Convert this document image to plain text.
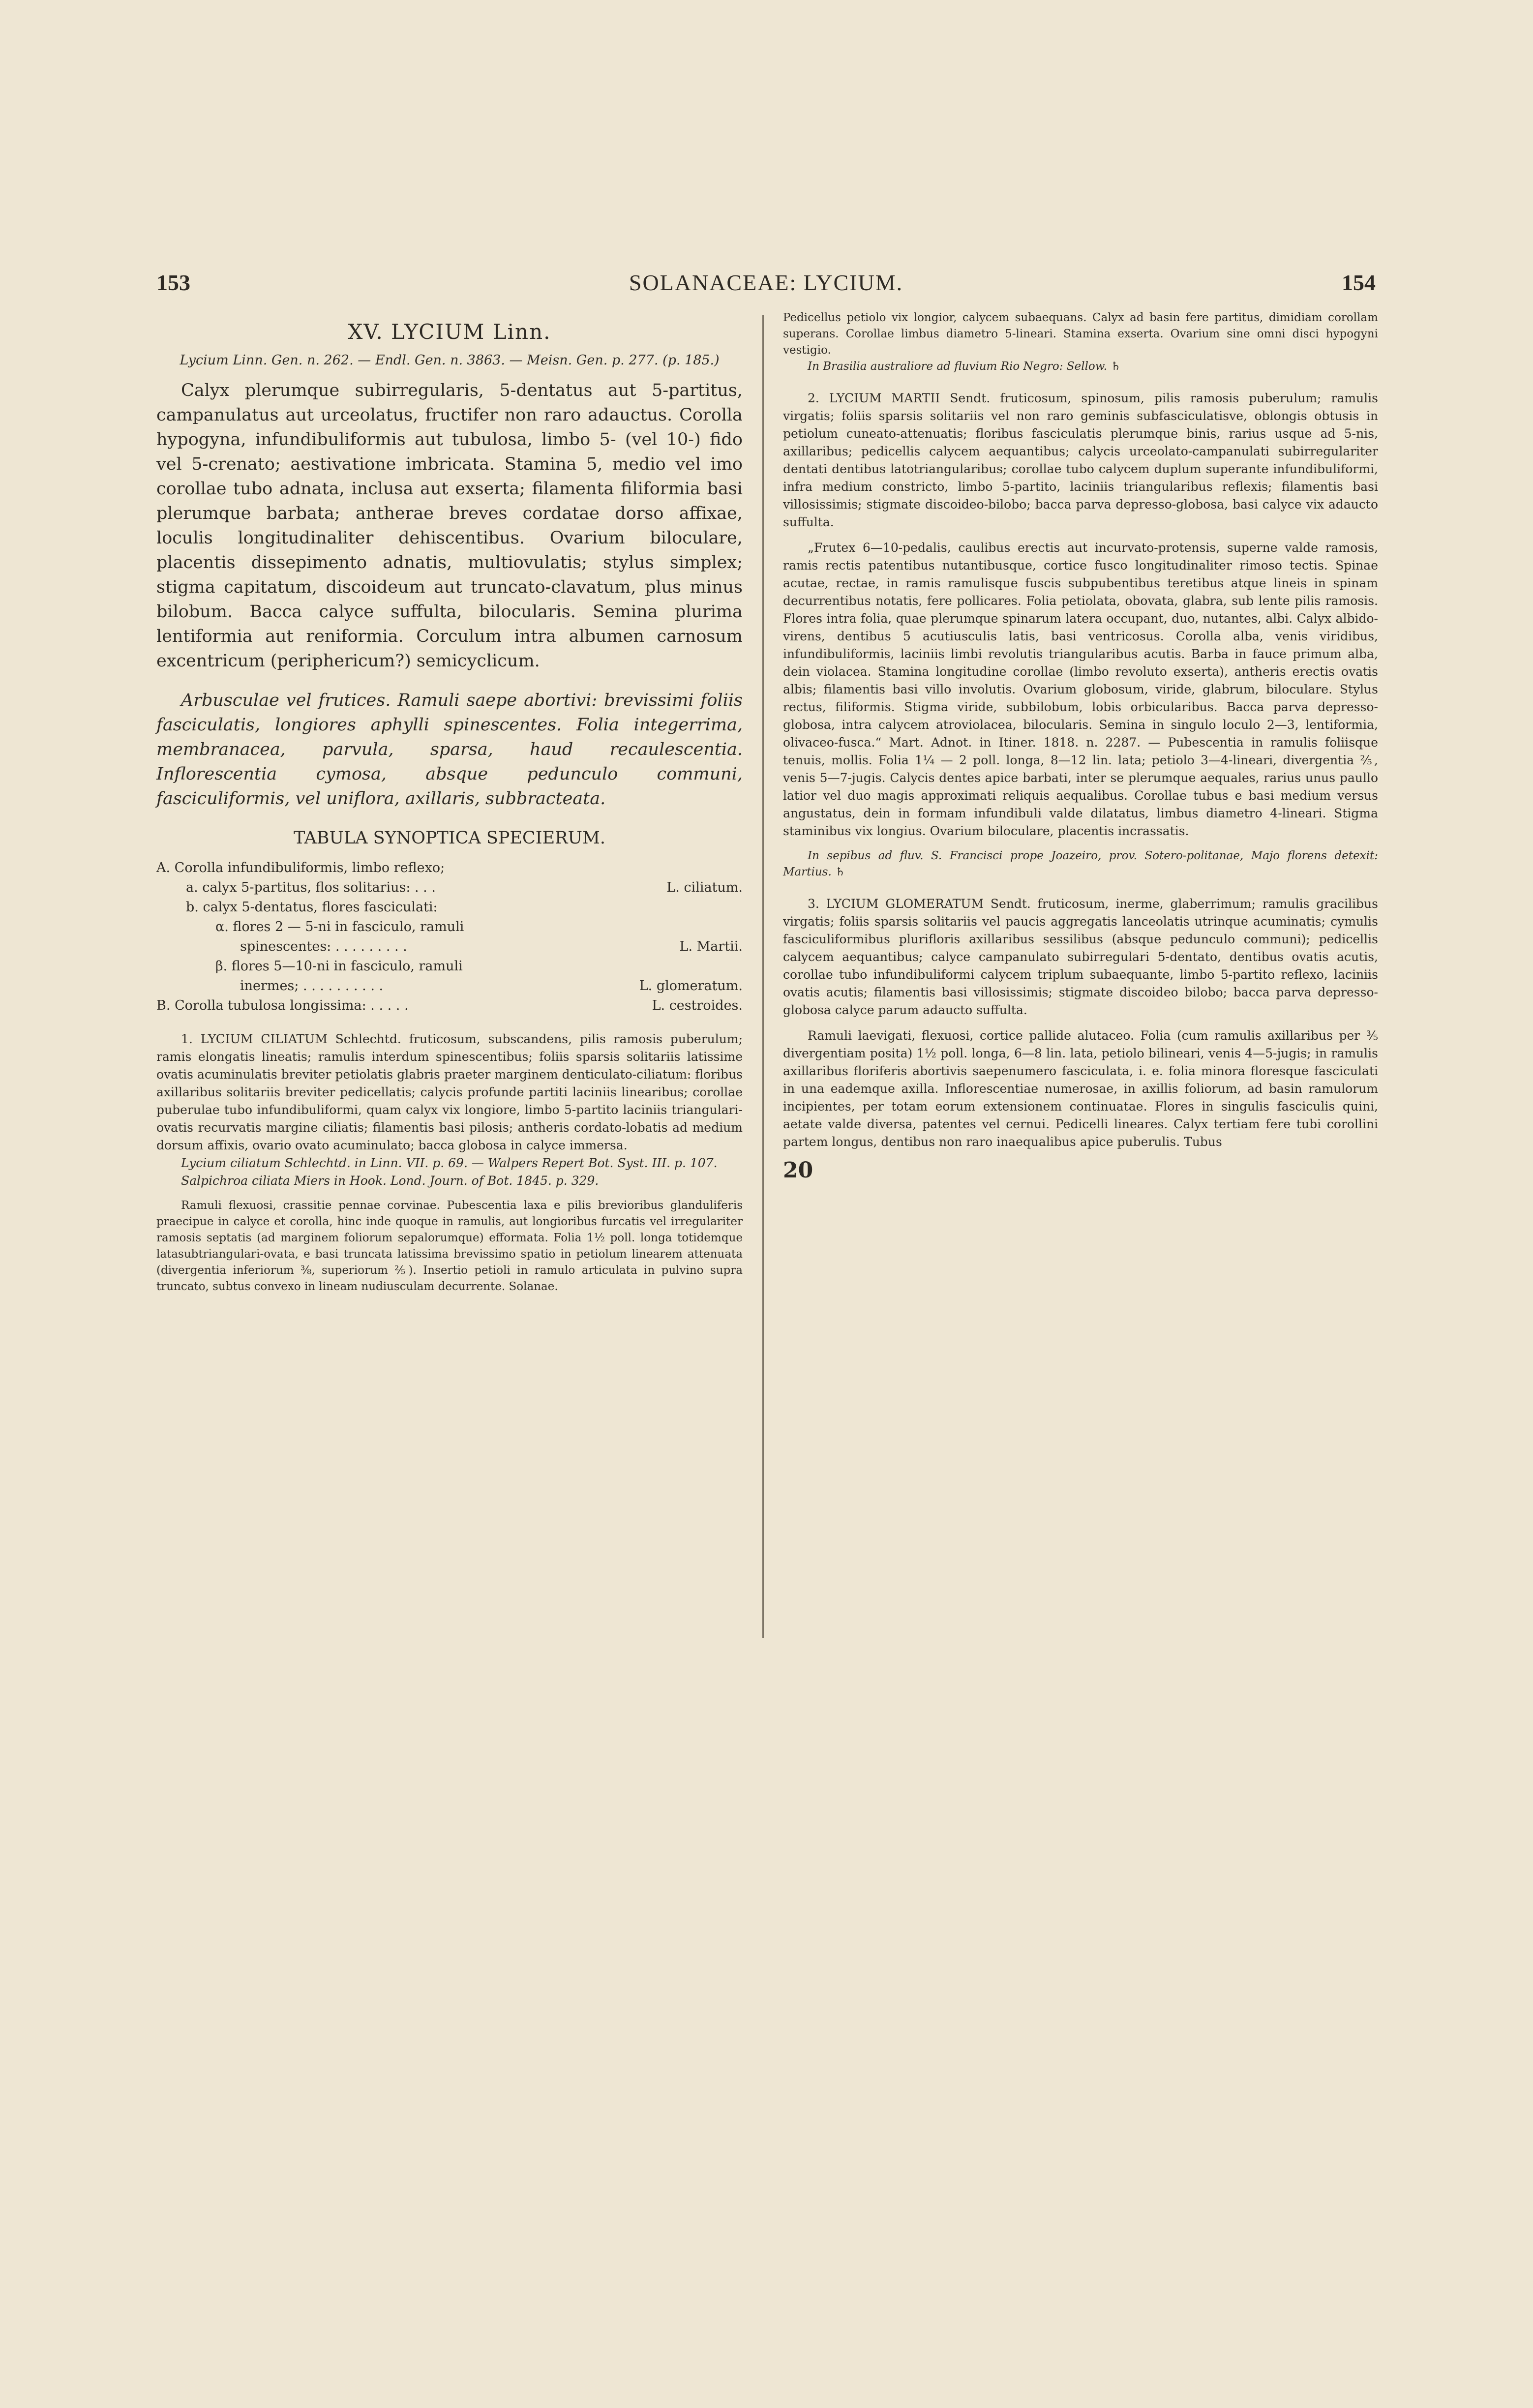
153	SOLANACEAE: LYCIUM.	154

XV. LYCIUM Linn.

Lycium Linn. Gen. n. 262. — Endl. Gen. n. 3863. — Meisn. Gen. p. 277. (p. 185.)

Calyx plerumque subirregularis, 5-dentatus aut 5-partitus, campanulatus aut urceolatus, fructifer non raro adauctus. Corolla hypogyna, infundibuliformis aut tubulosa, limbo 5- (vel 10-) fido vel 5-crenato; aestivatione imbricata. Stamina 5, medio vel imo corollae tubo adnata, inclusa aut exserta; filamenta filiformia basi plerumque barbata; antherae breves cordatae dorso affixae, loculis longitudinaliter dehiscentibus. Ovarium biloculare, placentis dissepimento adnatis, multiovulatis; stylus simplex; stigma capitatum, discoideum aut truncato-clavatum, plus minus bilobum. Bacca calyce suffulta, bilocularis. Semina plurima lentiformia aut reniformia. Corculum intra albumen carnosum excentricum (periphericum?) semicyclicum.

Arbusculae vel frutices. Ramuli saepe abortivi: brevissimi foliis fasciculatis, longiores aphylli spinescentes. Folia integerrima, membranacea, parvula, sparsa, haud recaulescentia. Inflorescentia cymosa, absque pedunculo communi, fasciculiformis, vel uniflora, axillaris, subbracteata.

TABULA SYNOPTICA SPECIERUM.

A. Corolla infundibuliformis, limbo reflexo;
a. calyx 5-partitus, flos solitarius: . . .	L. ciliatum.
b. calyx 5-dentatus, flores fasciculati:
α. flores 2 — 5-ni in fasciculo, ramuli
spinescentes: . . . . . . . . .	L. Martii.
β. flores 5—10-ni in fasciculo, ramuli
inermes; . . . . . . . . . .	L. glomeratum.
B. Corolla tubulosa longissima: . . . . .	L. cestroides.

1. LYCIUM CILIATUM Schlechtd. fruticosum, subscandens, pilis ramosis puberulum; ramis elongatis lineatis; ramulis interdum spinescentibus; foliis sparsis solitariis latissime ovatis acuminulatis breviter petiolatis glabris praeter marginem denticulato-ciliatum: floribus axillaribus solitariis breviter pedicellatis; calycis profunde partiti laciniis linearibus; corollae puberulae tubo infundibuliformi, quam calyx vix longiore, limbo 5-partito laciniis triangulari-ovatis recurvatis margine ciliatis; filamentis basi pilosis; antheris cordato-lobatis ad medium dorsum affixis, ovario ovato acuminulato; bacca globosa in calyce immersa.

Lycium ciliatum Schlechtd. in Linn. VII. p. 69. — Walpers Repert Bot. Syst. III. p. 107.

Salpichroa ciliata Miers in Hook. Lond. Journ. of Bot. 1845. p. 329.

Ramuli flexuosi, crassitie pennae corvinae. Pubescentia laxa e pilis brevioribus glanduliferis praecipue in calyce et corolla, hinc inde quoque in ramulis, aut longioribus furcatis vel irregulariter ramosis septatis (ad marginem foliorum sepalorumque) efformata. Folia 1½ poll. longa totidemque latasubtriangulari-ovata, e basi truncata latissima brevissimo spatio in petiolum linearem attenuata (divergentia inferiorum ⅜, superiorum ⅖). Insertio petioli in ramulo articulata in pulvino supra truncato, subtus convexo in lineam nudiusculam decurrente. Solanae.

Pedicellus petiolo vix longior, calycem subaequans. Calyx ad basin fere partitus, dimidiam corollam superans. Corollae limbus diametro 5-lineari. Stamina exserta. Ovarium sine omni disci hypogyni vestigio.

In Brasilia australiore ad fluvium Rio Negro: Sellow. ♄

2. LYCIUM MARTII Sendt. fruticosum, spinosum, pilis ramosis puberulum; ramulis virgatis; foliis sparsis solitariis vel non raro geminis subfasciculatisve, oblongis obtusis in petiolum cuneato-attenuatis; floribus fasciculatis plerumque binis, rarius usque ad 5-nis, axillaribus; pedicellis calycem aequantibus; calycis urceolato-campanulati subirregulariter dentati dentibus latotriangularibus; corollae tubo calycem duplum superante infundibuliformi, infra medium constricto, limbo 5-partito, laciniis triangularibus reflexis; filamentis basi villosissimis; stigmate discoideo-bilobo; bacca parva depresso-globosa, basi calyce vix adaucto suffulta.

„Frutex 6—10-pedalis, caulibus erectis aut incurvato-protensis, superne valde ramosis, ramis rectis patentibus nutantibusque, cortice fusco longitudinaliter rimoso tectis. Spinae acutae, rectae, in ramis ramulisque fuscis subpubentibus teretibus atque lineis in spinam decurrentibus notatis, fere pollicares. Folia petiolata, obovata, glabra, sub lente pilis ramosis. Flores intra folia, quae plerumque spinarum latera occupant, duo, nutantes, albi. Calyx albido-virens, dentibus 5 acutiusculis latis, basi ventricosus. Corolla alba, venis viridibus, infundibuliformis, laciniis limbi revolutis triangularibus acutis. Barba in fauce primum alba, dein violacea. Stamina longitudine corollae (limbo revoluto exserta), antheris erectis ovatis albis; filamentis basi villo involutis. Ovarium globosum, viride, glabrum, biloculare. Stylus rectus, filiformis. Stigma viride, subbilobum, lobis orbicularibus. Bacca parva depresso-globosa, intra calycem atroviolacea, bilocularis. Semina in singulo loculo 2—3, lentiformia, olivaceo-fusca.“ Mart. Adnot. in Itiner. 1818. n. 2287. — Pubescentia in ramulis foliisque tenuis, mollis. Folia 1¼ — 2 poll. longa, 8—12 lin. lata; petiolo 3—4-lineari, divergentia ⅖, venis 5—7-jugis. Calycis dentes apice barbati, inter se plerumque aequales, rarius unus paullo latior vel duo magis approximati reliquis aequalibus. Corollae tubus e basi medium versus angustatus, dein in formam infundibuli valde dilatatus, limbus diametro 4-lineari. Stigma staminibus vix longius. Ovarium biloculare, placentis incrassatis.

In sepibus ad fluv. S. Francisci prope Joazeiro, prov. Sotero-politanae, Majo florens detexit: Martius. ♄

3. LYCIUM GLOMERATUM Sendt. fruticosum, inerme, glaberrimum; ramulis gracilibus virgatis; foliis sparsis solitariis vel paucis aggregatis lanceolatis utrinque acuminatis; cymulis fasciculiformibus plurifloris axillaribus sessilibus (absque pedunculo communi); pedicellis calycem aequantibus; calyce campanulato subirregulari 5-dentato, dentibus ovatis acutis, corollae tubo infundibuliformi calycem triplum subaequante, limbo 5-partito reflexo, laciniis ovatis acutis; filamentis basi villosissimis; stigmate discoideo bilobo; bacca parva depresso-globosa calyce parum adaucto suffulta.

Ramuli laevigati, flexuosi, cortice pallide alutaceo. Folia (cum ramulis axillaribus per ⅗ divergentiam posita) 1½ poll. longa, 6—8 lin. lata, petiolo bilineari, venis 4—5-jugis; in ramulis axillaribus floriferis abortivis saepenumero fasciculata, i. e. folia minora floresque fasciculati in una eademque axilla. Inflorescentiae numerosae, in axillis foliorum, ad basin ramulorum incipientes, per totam eorum extensionem continuatae. Flores in singulis fasciculis quini, aetate valde diversa, patentes vel cernui. Pedicelli lineares. Calyx tertiam fere tubi corollini partem longus, dentibus non raro inaequalibus apice puberulis. Tubus

20
